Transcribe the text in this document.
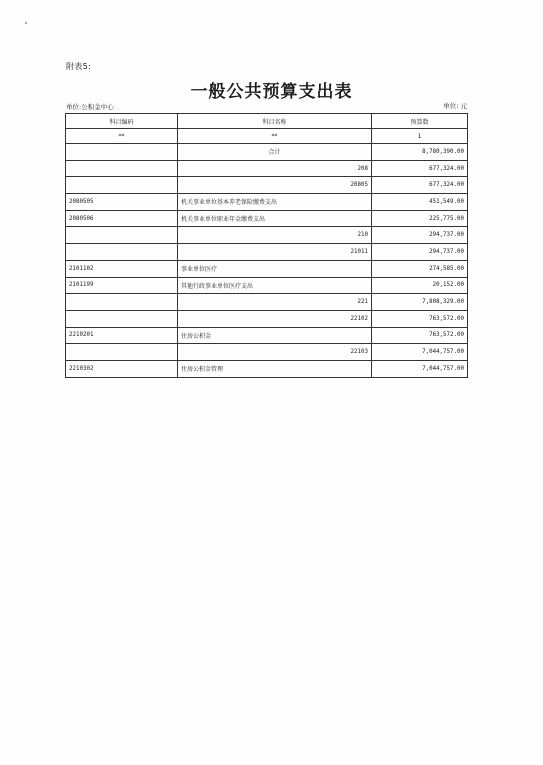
附表5:
一般公共预算支出表
单位:公积金中心	单位: 元
科目编码	科目名称	预算数
**	**	1
	合计	8,780,390.00
	208	677,324.00
	20805	677,324.00
2080505	机关事业单位基本养老保险缴费支出	451,549.00
2080506	机关事业单位职业年金缴费支出	225,775.00
	210	294,737.00
	21011	294,737.00
2101102	事业单位医疗	274,585.00
2101199	其他行政事业单位医疗支出	20,152.00
	221	7,808,329.00
	22102	763,572.00
2210201	住房公积金	763,572.00
	22103	7,044,757.00
2210302	住房公积金管理	7,044,757.00
